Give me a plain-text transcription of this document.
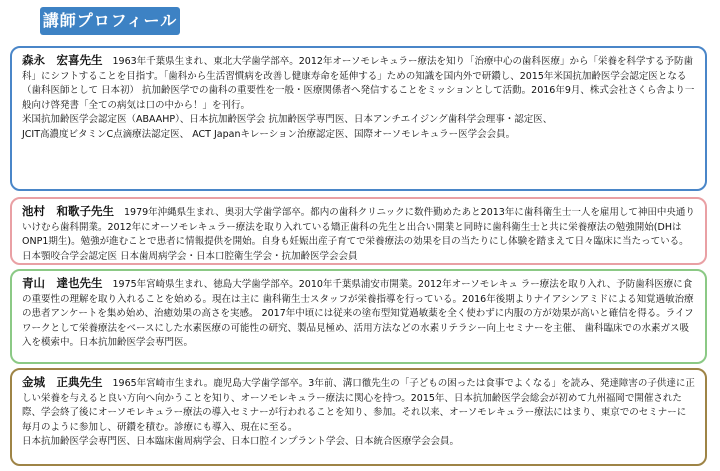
講師プロフィール

森永　宏喜先生 1963年千葉県生まれ、東北大学歯学部卒。2012年オーソモレキュラー療法を知り「治療中心の歯科医療」から「栄養を科学する予防歯科」にシフトすることを目指す。「歯科から生活習慣病を改善し健康寿命を延伸する」ための知識を国内外で研鑽し、2015年米国抗加齢医学会認定医となる（歯科医師として 日本初） 抗加齢医学での歯科の重要性を一般・医療関係者へ発信することをミッションとして活動。2016年9月、株式会社さくら舎より一般向け啓発書「全ての病気は口の中から！」を刊行。

米国抗加齢医学会認定医（ABAAHP）、日本抗加齢医学会 抗加齢医学専門医、日本アンチエイジング歯科学会理事・認定医、

JCIT高濃度ビタミンC点滴療法認定医、 ACT Japanキレーション治療認定医、国際オーソモレキュラー医学会会員。

池村　和歌子先生 1979年沖縄県生まれ、奥羽大学歯学部卒。都内の歯科クリニックに数件勤めたあと2013年に歯科衛生士一人を雇用して神田中央通りいけむら歯科開業。2012年にオーソモレキュラー療法を取り入れている矯正歯科の先生と出合い開業と同時に歯科衛生士と共に栄養療法の勉強開始(DHはONP1期生)。勉強が進むことで患者に情報提供を開始。自身も妊娠出産子育てで栄養療法の効果を目の当たりにし体験を踏まえて日々臨床に当たっている。

日本顎咬合学会認定医 日本歯周病学会・日本口腔衛生学会・抗加齢医学会会員

青山　達也先生 1975年宮崎県生まれ、徳島大学歯学部卒。2010年千葉県浦安市開業。2012年オーソモレキュ ラー療法を取り入れ、予防歯科医療に食の重要性の理解を取り入れることを始める。現在は主に 歯科衛生士スタッフが栄養指導を行っている。2016年後期よりナイアシンアミドによる知覚過敏治療の患者アンケートを集め始め、治癒効果の高さを実感。 2017年中頃には従来の塗布型知覚過敏薬を全く使わずに内服の方が効果が高いと確信を得る。ライフワークとして栄養療法をベースにした水素医療の可能性の研究、製品見極め、活用方法などの水素リテラシー向上セミナーを主催、 歯科臨床での水素ガス吸入を模索中。日本抗加齢医学会専門医。

金城　正典先生 1965年宮崎市生まれ。鹿児島大学歯学部卒。3年前、溝口徹先生の「子どもの困ったは食事でよくなる」を読み、発達障害の子供達に正しい栄養を与えると良い方向へ向かうことを知り、オーソモレキュラー療法に関心を持つ。2015年、日本抗加齢医学会総会が初めて九州福岡で開催された際、学会終了後にオーソモレキュラー療法の導入セミナーが行われることを知り、参加。それ以来、オーソモレキュラー療法にはまり、東京でのセミナーに毎月のように参加し、研鑽を積む。診療にも導入、現在に至る。

日本抗加齢医学会専門医、日本臨床歯周病学会、日本口腔インプラント学会、日本統合医療学会会員。
